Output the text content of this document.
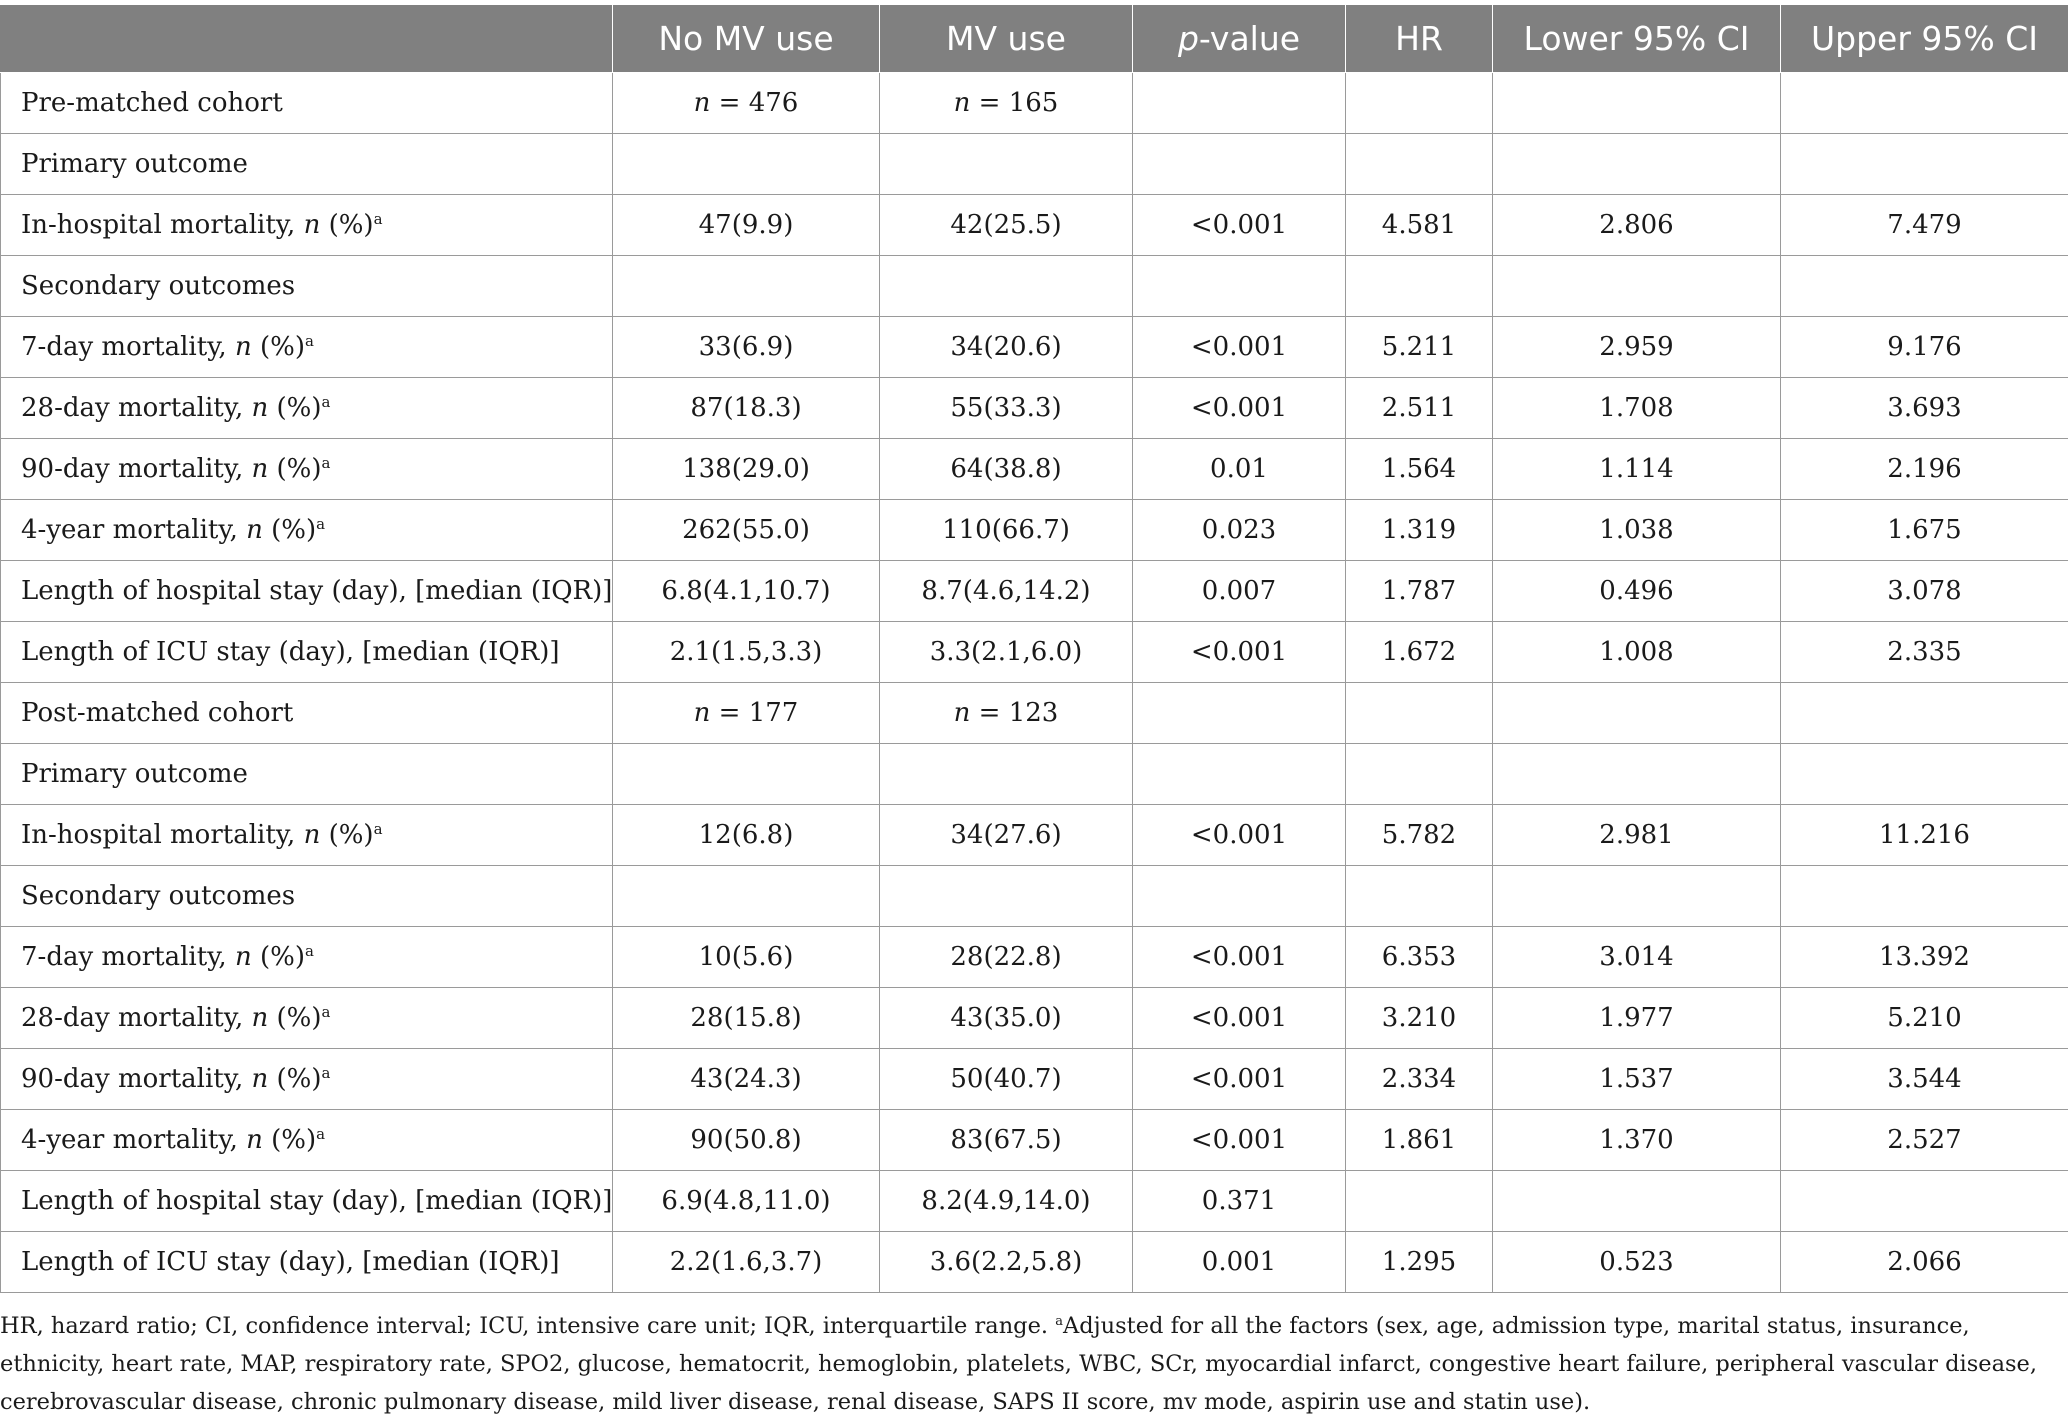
	No MV use	MV use	p-value	HR	Lower 95% CI	Upper 95% CI
Pre-matched cohort	n = 476	n = 165				
Primary outcome						
In-hospital mortality, n (%)$^a$	47(9.9)	42(25.5)	<0.001	4.581	2.806	7.479
Secondary outcomes						
7-day mortality, n (%)$^a$	33(6.9)	34(20.6)	<0.001	5.211	2.959	9.176
28-day mortality, n (%)$^a$	87(18.3)	55(33.3)	<0.001	2.511	1.708	3.693
90-day mortality, n (%)$^a$	138(29.0)	64(38.8)	0.01	1.564	1.114	2.196
4-year mortality, n (%)$^a$	262(55.0)	110(66.7)	0.023	1.319	1.038	1.675
Length of hospital stay (day), [median (IQR)]	6.8(4.1,10.7)	8.7(4.6,14.2)	0.007	1.787	0.496	3.078
Length of ICU stay (day), [median (IQR)]	2.1(1.5,3.3)	3.3(2.1,6.0)	<0.001	1.672	1.008	2.335
Post-matched cohort	n = 177	n = 123				
Primary outcome						
In-hospital mortality, n (%)$^a$	12(6.8)	34(27.6)	<0.001	5.782	2.981	11.216
Secondary outcomes						
7-day mortality, n (%)$^a$	10(5.6)	28(22.8)	<0.001	6.353	3.014	13.392
28-day mortality, n (%)$^a$	28(15.8)	43(35.0)	<0.001	3.210	1.977	5.210
90-day mortality, n (%)$^a$	43(24.3)	50(40.7)	<0.001	2.334	1.537	3.544
4-year mortality, n (%)$^a$	90(50.8)	83(67.5)	<0.001	1.861	1.370	2.527
Length of hospital stay (day), [median (IQR)]	6.9(4.8,11.0)	8.2(4.9,14.0)	0.371			
Length of ICU stay (day), [median (IQR)]	2.2(1.6,3.7)	3.6(2.2,5.8)	0.001	1.295	0.523	2.066
HR, hazard ratio; CI, confidence interval; ICU, intensive care unit; IQR, interquartile range. $^a$Adjusted for all the factors (sex, age, admission type, marital status, insurance, ethnicity, heart rate, MAP, respiratory rate, SPO2, glucose, hematocrit, hemoglobin, platelets, WBC, SCr, myocardial infarct, congestive heart failure, peripheral vascular disease, cerebrovascular disease, chronic pulmonary disease, mild liver disease, renal disease, SAPS II score, mv mode, aspirin use and statin use).
